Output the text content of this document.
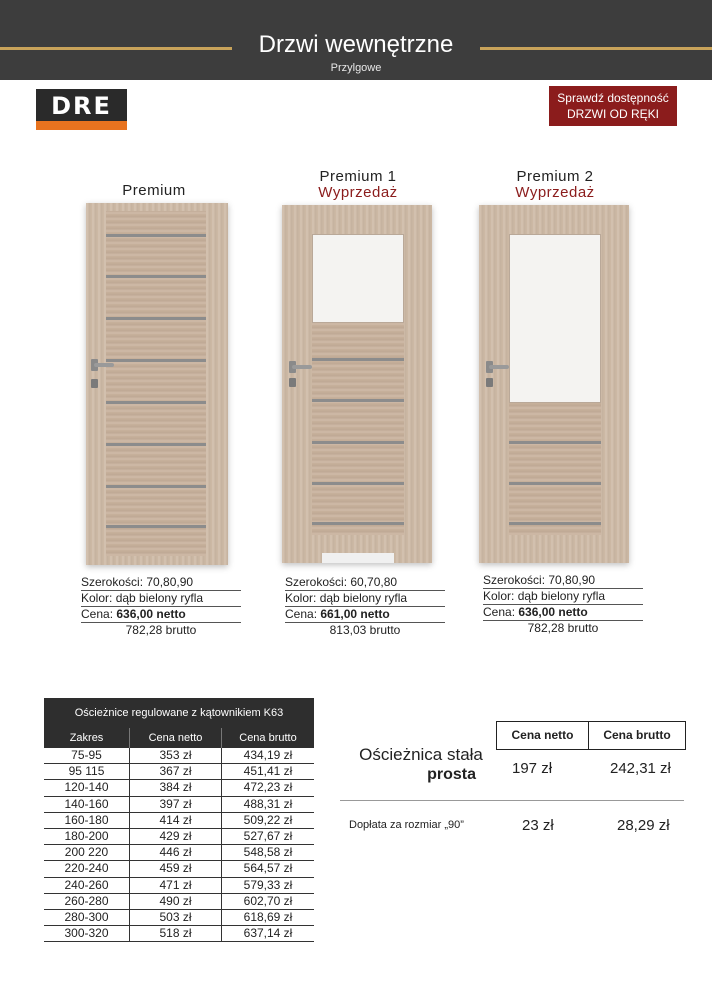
Drzwi wewnętrzne
Przylgowe
DRE	Sprawdź dostępność
DRZWI OD RĘKI
Premium
Szerokości: 70,80,90
Kolor: dąb bielony ryfla
Cena: 636,00 netto
782,28 brutto
Premium 1
Wyprzedaż
Szerokości: 60,70,80
Kolor: dąb bielony ryfla
Cena: 661,00 netto
813,03 brutto
Premium 2
Wyprzedaż
Szerokości: 70,80,90
Kolor: dąb bielony ryfla
Cena: 636,00 netto
782,28 brutto
Ościeżnice regulowane z kątownikiem K63
Zakres	Cena netto	Cena brutto
75-95	353 zł	434,19 zł
95 115	367 zł	451,41 zł
120-140	384 zł	472,23 zł
140-160	397 zł	488,31 zł
160-180	414 zł	509,22 zł
180-200	429 zł	527,67 zł
200 220	446 zł	548,58 zł
220-240	459 zł	564,57 zł
240-260	471 zł	579,33 zł
260-280	490 zł	602,70 zł
280-300	503 zł	618,69 zł
300-320	518 zł	637,14 zł
Cena netto	Cena brutto
Ościeżnica stała
prosta 197 zł	242,31 zł
Dopłata za rozmiar „90”	23 zł	28,29 zł
